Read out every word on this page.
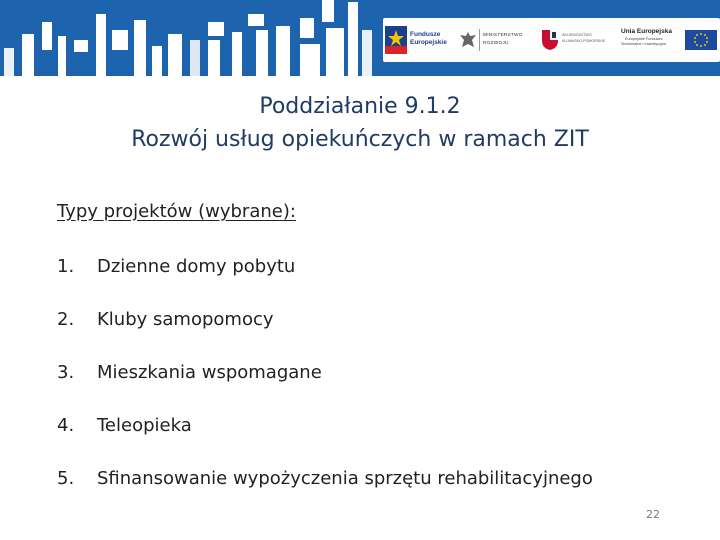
Fundusze
Europejskie
MINISTERSTWO
ROZWOJU
WOJEWÓDZTWO
KUJAWSKO-POMORSKIE
Unia Europejska
Europejskie Fundusze
Strukturalne i Inwestycyjne
Poddziałanie 9.1.2
Rozwój usług opiekuńczych w ramach ZIT
Typy projektów (wybrane):
1.	Dzienne domy pobytu
2.	Kluby samopomocy
3.	Mieszkania wspomagane
4.	Teleopieka
5.	Sfinansowanie wypożyczenia sprzętu rehabilitacyjnego
22
